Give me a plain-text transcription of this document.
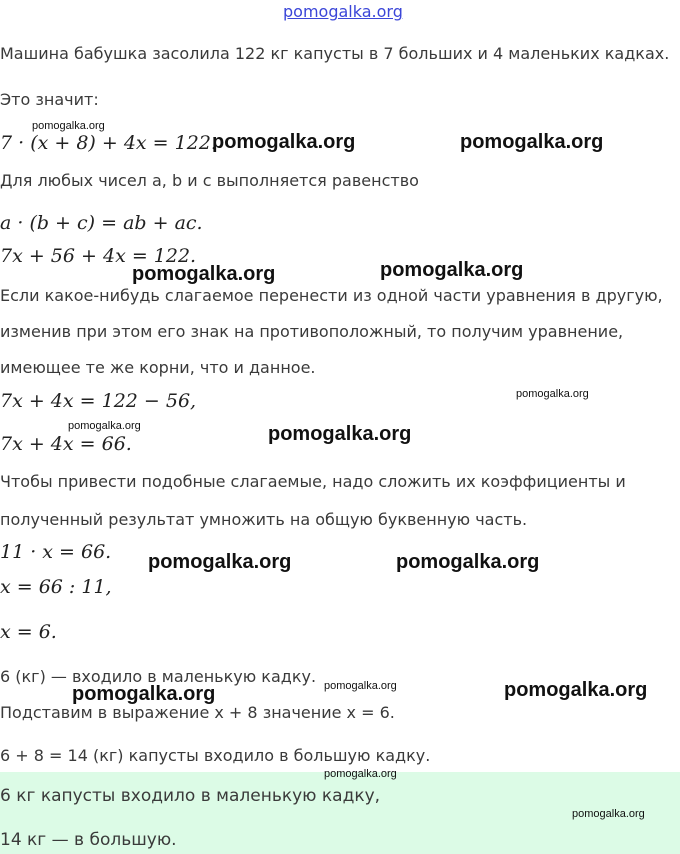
pomogalka.org
Машина бабушка засолила 122 кг капусты в 7 больших и 4 маленьких кадках.
Это значит:
7 · (x + 8) + 4x = 122.
Для любых чисел a, b и c выполняется равенство
a · (b + c) = ab + ac.
7x + 56 + 4x = 122.
Если какое-нибудь слагаемое перенести из одной части уравнения в другую,
изменив при этом его знак на противоположный, то получим уравнение,
имеющее те же корни, что и данное.
7x + 4x = 122 − 56,
7x + 4x = 66.
Чтобы привести подобные слагаемые, надо сложить их коэффициенты и
полученный результат умножить на общую буквенную часть.
11 · x = 66.
x = 66 : 11,
x = 6.
6 (кг) — входило в маленькую кадку.
Подставим в выражение x + 8 значение x = 6.
6 + 8 = 14 (кг) капусты входило в большую кадку.
6 кг капусты входило в маленькую кадку,
14 кг — в большую.
pomogalka.org
pomogalka.org	pomogalka.org
pomogalka.org	pomogalka.org
pomogalka.org
pomogalka.org	pomogalka.org
pomogalka.org	pomogalka.org
pomogalka.org
pomogalka.org	pomogalka.org
pomogalka.org
pomogalka.org
